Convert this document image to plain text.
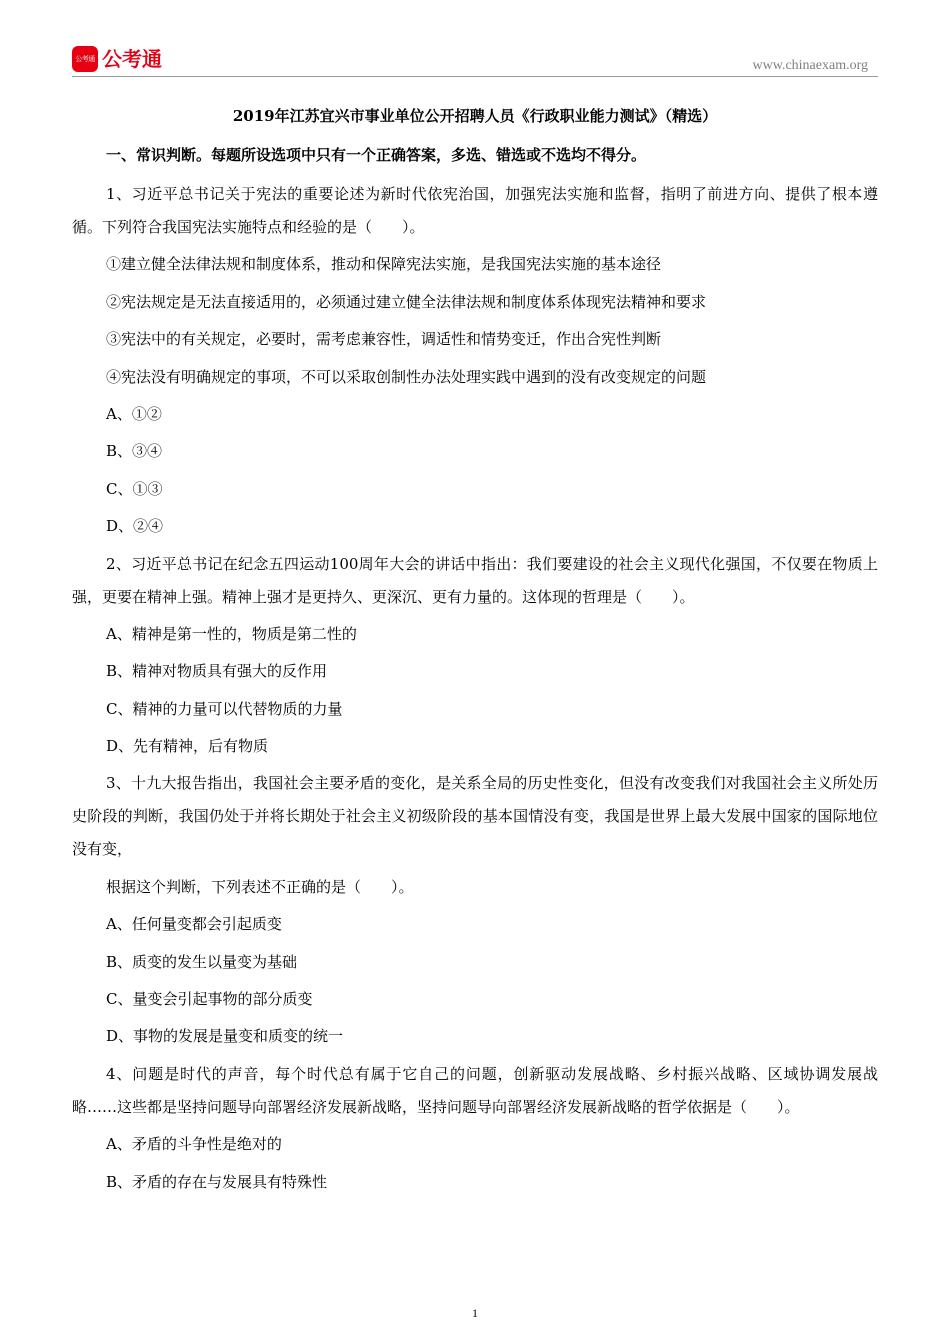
公考通 公考通	www.chinaexam.org
2019年江苏宜兴市事业单位公开招聘人员《行政职业能力测试》（精选）
一、常识判断。每题所设选项中只有一个正确答案，多选、错选或不选均不得分。

1、习近平总书记关于宪法的重要论述为新时代依宪治国，加强宪法实施和监督，指明了前进方向、提供了根本遵循。下列符合我国宪法实施特点和经验的是（　　）。

①建立健全法律法规和制度体系，推动和保障宪法实施，是我国宪法实施的基本途径

②宪法规定是无法直接适用的，必须通过建立健全法律法规和制度体系体现宪法精神和要求

③宪法中的有关规定，必要时，需考虑兼容性，调适性和情势变迁，作出合宪性判断

④宪法没有明确规定的事项，不可以采取创制性办法处理实践中遇到的没有改变规定的问题

A、①②

B、③④

C、①③

D、②④

2、习近平总书记在纪念五四运动100周年大会的讲话中指出：我们要建设的社会主义现代化强国，不仅要在物质上强，更要在精神上强。精神上强才是更持久、更深沉、更有力量的。这体现的哲理是（　　）。

A、精神是第一性的，物质是第二性的

B、精神对物质具有强大的反作用

C、精神的力量可以代替物质的力量

D、先有精神，后有物质

3、十九大报告指出，我国社会主要矛盾的变化，是关系全局的历史性变化，但没有改变我们对我国社会主义所处历史阶段的判断，我国仍处于并将长期处于社会主义初级阶段的基本国情没有变，我国是世界上最大发展中国家的国际地位没有变，

根据这个判断，下列表述不正确的是（　　）。

A、任何量变都会引起质变

B、质变的发生以量变为基础

C、量变会引起事物的部分质变

D、事物的发展是量变和质变的统一

4、问题是时代的声音，每个时代总有属于它自己的问题，创新驱动发展战略、乡村振兴战略、区域协调发展战略……这些都是坚持问题导向部署经济发展新战略，坚持问题导向部署经济发展新战略的哲学依据是（　　）。

A、矛盾的斗争性是绝对的

B、矛盾的存在与发展具有特殊性

1
